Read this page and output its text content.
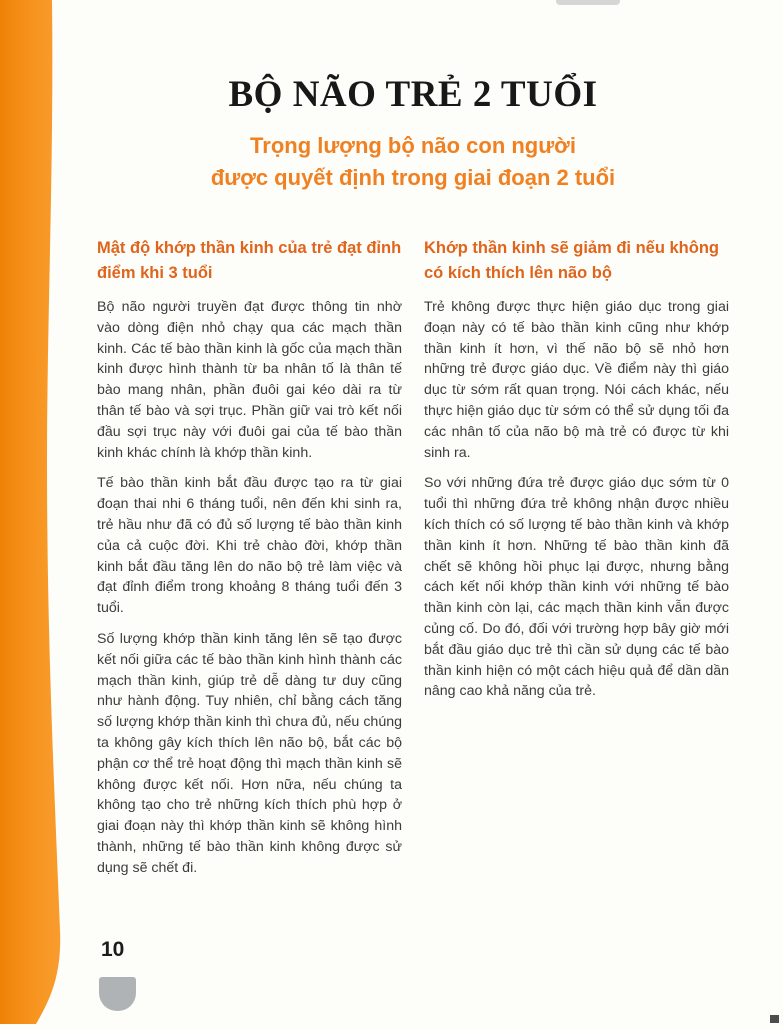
BỘ NÃO TRẺ 2 TUỔI
Trọng lượng bộ não con người
được quyết định trong giai đoạn 2 tuổi
Mật độ khớp thần kinh của trẻ đạt đỉnh điểm khi 3 tuổi

Bộ não người truyền đạt được thông tin nhờ vào dòng điện nhỏ chạy qua các mạch thần kinh. Các tế bào thần kinh là gốc của mạch thần kinh được hình thành từ ba nhân tố là thân tế bào mang nhân, phần đuôi gai kéo dài ra từ thân tế bào và sợi trục. Phần giữ vai trò kết nối đầu sợi trục này với đuôi gai của tế bào thần kinh khác chính là khớp thần kinh.

Tế bào thần kinh bắt đầu được tạo ra từ giai đoạn thai nhi 6 tháng tuổi, nên đến khi sinh ra, trẻ hầu như đã có đủ số lượng tế bào thần kinh của cả cuộc đời. Khi trẻ chào đời, khớp thần kinh bắt đầu tăng lên do não bộ trẻ làm việc và đạt đỉnh điểm trong khoảng 8 tháng tuổi đến 3 tuổi.

Số lượng khớp thần kinh tăng lên sẽ tạo được kết nối giữa các tế bào thần kinh hình thành các mạch thần kinh, giúp trẻ dễ dàng tư duy cũng như hành động. Tuy nhiên, chỉ bằng cách tăng số lượng khớp thần kinh thì chưa đủ, nếu chúng ta không gây kích thích lên não bộ, bắt các bộ phận cơ thể trẻ hoạt động thì mạch thần kinh sẽ không được kết nối. Hơn nữa, nếu chúng ta không tạo cho trẻ những kích thích phù hợp ở giai đoạn này thì khớp thần kinh sẽ không hình thành, những tế bào thần kinh không được sử dụng sẽ chết đi.

Khớp thần kinh sẽ giảm đi nếu không có kích thích lên não bộ

Trẻ không được thực hiện giáo dục trong giai đoạn này có tế bào thần kinh cũng như khớp thần kinh ít hơn, vì thế não bộ sẽ nhỏ hơn những trẻ được giáo dục. Về điểm này thì giáo dục từ sớm rất quan trọng. Nói cách khác, nếu thực hiện giáo dục từ sớm có thể sử dụng tối đa các nhân tố của não bộ mà trẻ có được từ khi sinh ra.

So với những đứa trẻ được giáo dục sớm từ 0 tuổi thì những đứa trẻ không nhận được nhiều kích thích có số lượng tế bào thần kinh và khớp thần kinh ít hơn. Những tế bào thần kinh đã chết sẽ không hồi phục lại được, nhưng bằng cách kết nối khớp thần kinh với những tế bào thần kinh còn lại, các mạch thần kinh vẫn được củng cố. Do đó, đối với trường hợp bây giờ mới bắt đầu giáo dục trẻ thì cần sử dụng các tế bào thần kinh hiện có một cách hiệu quả để dần dần nâng cao khả năng của trẻ.

10
